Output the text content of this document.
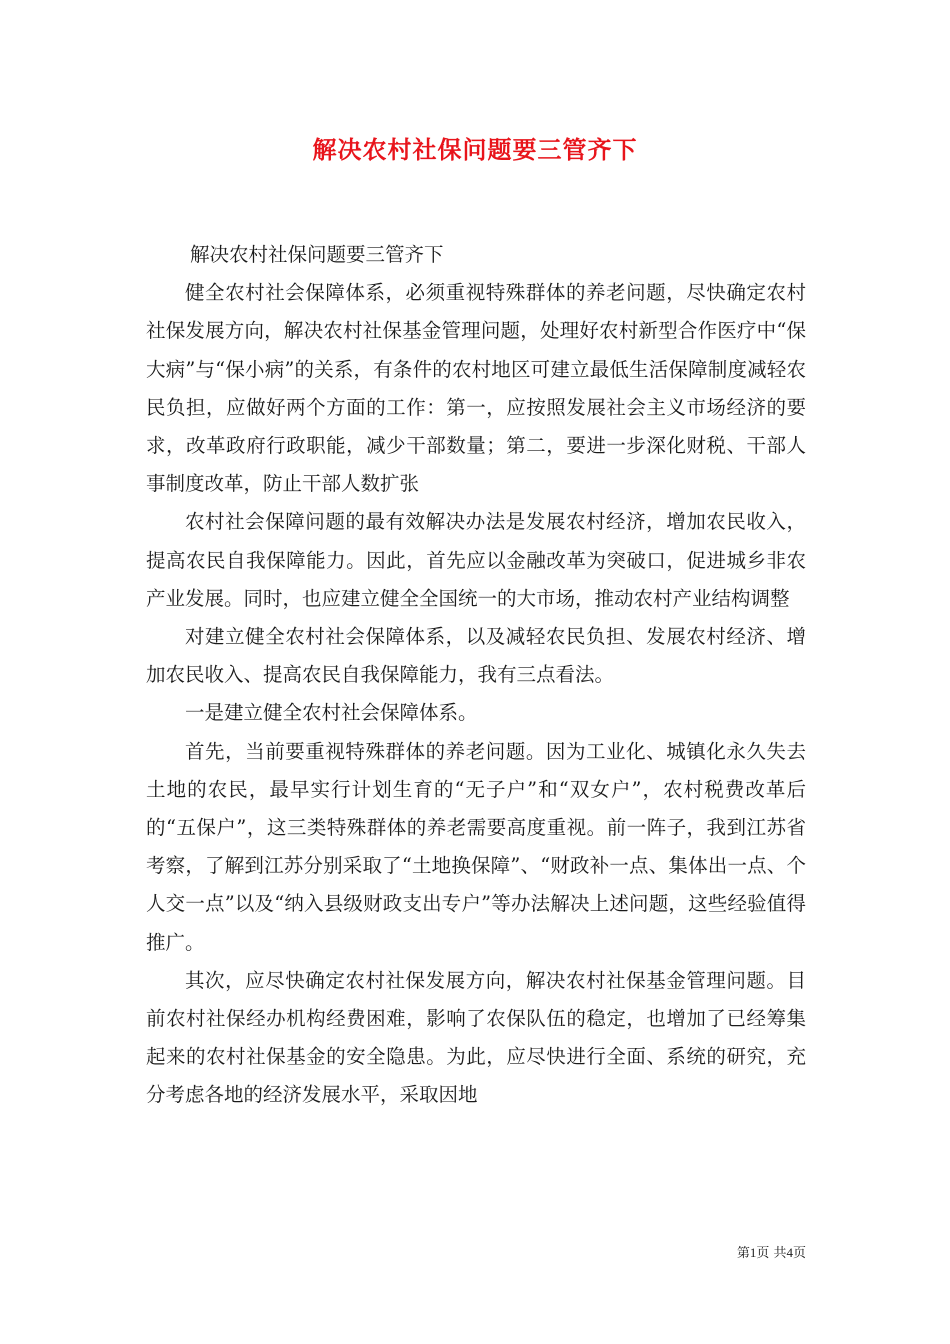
解决农村社保问题要三管齐下

解决农村社保问题要三管齐下

健全农村社会保障体系，必须重视特殊群体的养老问题，尽快确定农村社保发展方向，解决农村社保基金管理问题，处理好农村新型合作医疗中“保大病”与“保小病”的关系，有条件的农村地区可建立最低生活保障制度减轻农民负担，应做好两个方面的工作：第一，应按照发展社会主义市场经济的要求，改革政府行政职能，减少干部数量；第二，要进一步深化财税、干部人事制度改革，防止干部人数扩张

农村社会保障问题的最有效解决办法是发展农村经济，增加农民收入，提高农民自我保障能力。因此，首先应以金融改革为突破口，促进城乡非农产业发展。同时，也应建立健全全国统一的大市场，推动农村产业结构调整

对建立健全农村社会保障体系，以及减轻农民负担、发展农村经济、增加农民收入、提高农民自我保障能力，我有三点看法。

一是建立健全农村社会保障体系。

首先，当前要重视特殊群体的养老问题。因为工业化、城镇化永久失去土地的农民，最早实行计划生育的“无子户”和“双女户”，农村税费改革后的“五保户”，这三类特殊群体的养老需要高度重视。前一阵子，我到江苏省考察，了解到江苏分别采取了“土地换保障”、“财政补一点、集体出一点、个人交一点”以及“纳入县级财政支出专户”等办法解决上述问题，这些经验值得推广。

其次，应尽快确定农村社保发展方向，解决农村社保基金管理问题。目前农村社保经办机构经费困难，影响了农保队伍的稳定，也增加了已经筹集起来的农村社保基金的安全隐患。为此，应尽快进行全面、系统的研究，充分考虑各地的经济发展水平，采取因地

第1页 共4页
